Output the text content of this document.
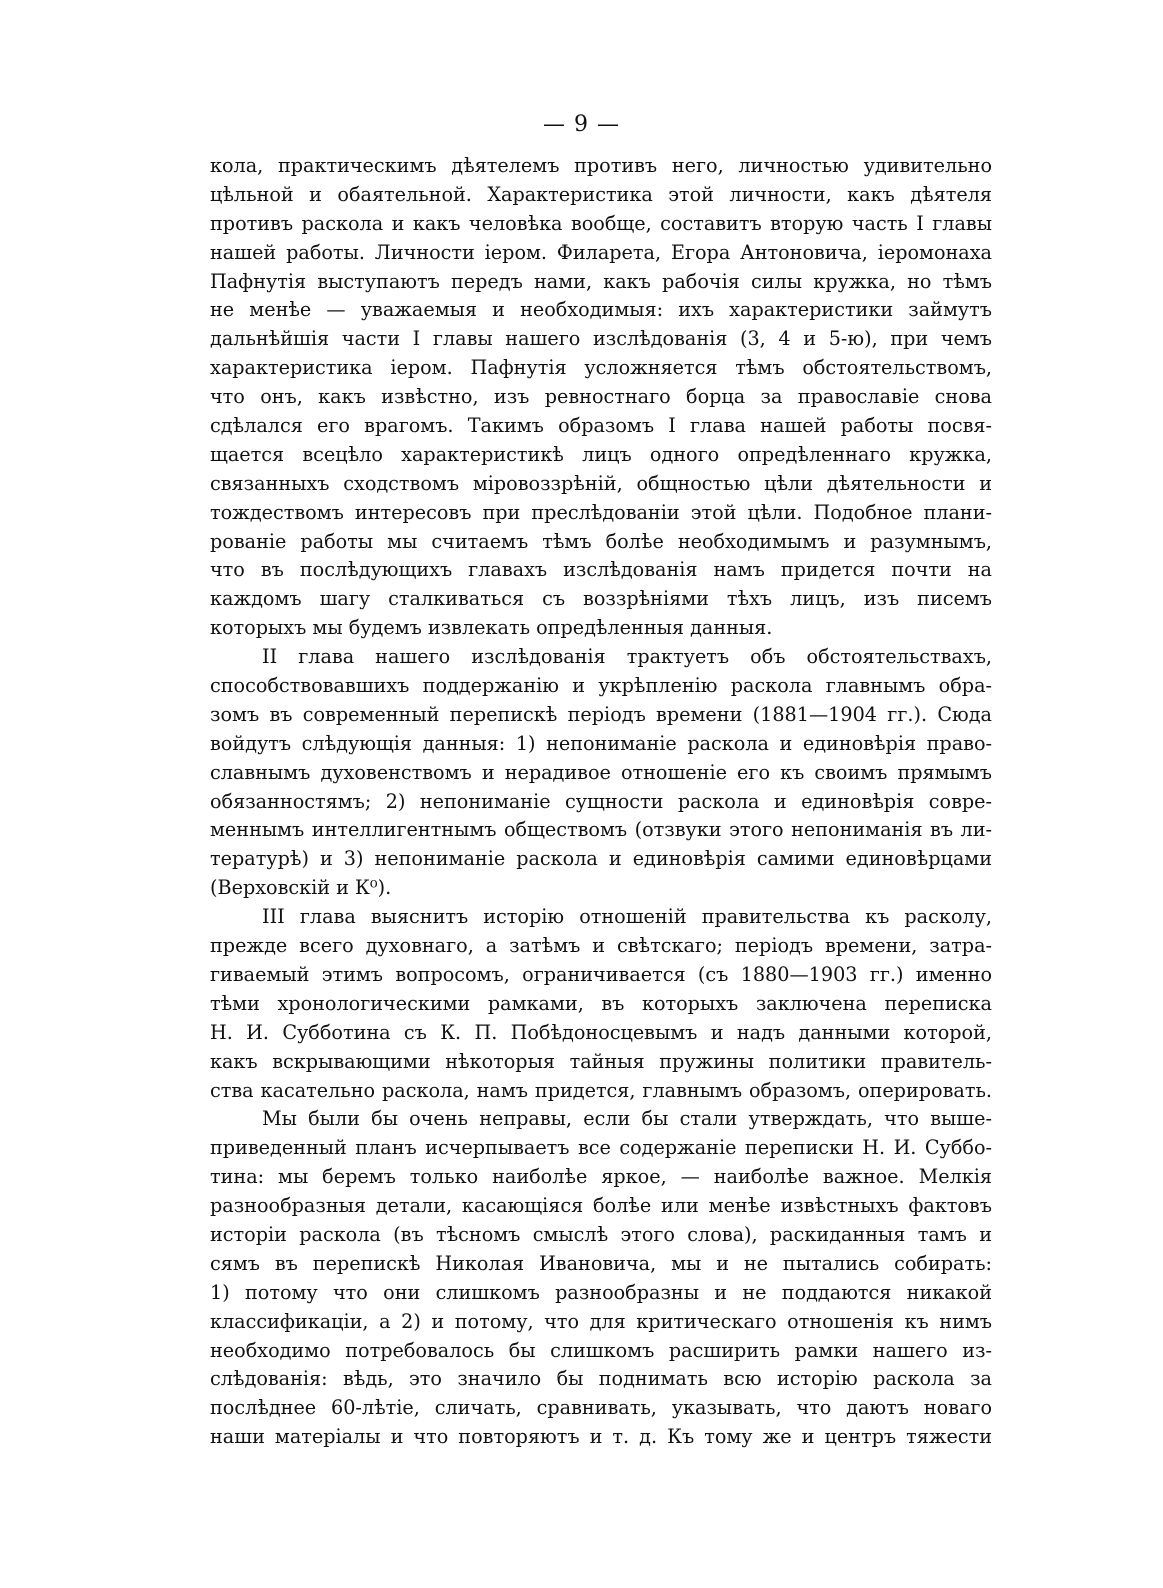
— 9 —
кола, практическимъ дѣятелемъ противъ него, личностью удивительно
цѣльной и обаятельной. Характеристика этой личности, какъ дѣятеля
противъ раскола и какъ человѣка вообще, составитъ вторую часть I главы
нашей работы. Личности iером. Филарета, Егора Антоновича, iеромонаха
Пафнутiя выступаютъ передъ нами, какъ рабочiя силы кружка, но тѣмъ
не менѣе — уважаемыя и необходимыя: ихъ характеристики займутъ
дальнѣйшiя части I главы нашего изслѣдованiя (3, 4 и 5-ю), при чемъ
характеристика iером. Пафнутiя усложняется тѣмъ обстоятельствомъ,
что онъ, какъ извѣстно, изъ ревностнаго борца за православiе снова
сдѣлался его врагомъ. Такимъ образомъ I глава нашей работы посвя-
щается всецѣло характеристикѣ лицъ одного опредѣленнаго кружка,
связанныхъ сходствомъ мiровоззрѣнiй, общностью цѣли дѣятельности и
тождествомъ интересовъ при преслѣдованiи этой цѣли. Подобное плани-
рованiе работы мы считаемъ тѣмъ болѣе необходимымъ и разумнымъ,
что въ послѣдующихъ главахъ изслѣдованiя намъ придется почти на
каждомъ шагу сталкиваться съ воззрѣнiями тѣхъ лицъ, изъ писемъ
которыхъ мы будемъ извлекать опредѣленныя данныя.
II глава нашего изслѣдованiя трактуетъ объ обстоятельствахъ,
способствовавшихъ поддержанiю и укрѣпленiю раскола главнымъ обра-
зомъ въ современный перепискѣ перiодъ времени (1881—1904 гг.). Сюда
войдутъ слѣдующiя данныя: 1) непониманiе раскола и единовѣрiя право-
славнымъ духовенствомъ и нерадивое отношенiе его къ своимъ прямымъ
обязанностямъ; 2) непониманiе сущности раскола и единовѣрiя совре-
меннымъ интеллигентнымъ обществомъ (отзвуки этого непониманiя въ ли-
тературѣ) и 3) непониманiе раскола и единовѣрiя самими единовѣрцами
(Верховскiй и К⁰).
III глава выяснитъ исторiю отношенiй правительства къ расколу,
прежде всего духовнаго, а затѣмъ и свѣтскаго; перiодъ времени, затра-
гиваемый этимъ вопросомъ, ограничивается (съ 1880—1903 гг.) именно
тѣми хронологическими рамками, въ которыхъ заключена переписка
Н. И. Субботина съ К. П. Побѣдоносцевымъ и надъ данными которой,
какъ вскрывающими нѣкоторыя тайныя пружины политики правитель-
ства касательно раскола, намъ придется, главнымъ образомъ, оперировать.
Мы были бы очень неправы, если бы стали утверждать, что выше-
приведенный планъ исчерпываетъ все содержанiе переписки Н. И. Суббо-
тина: мы беремъ только наиболѣе яркое, — наиболѣе важное. Мелкiя
разнообразныя детали, касающiяся болѣе или менѣе извѣстныхъ фактовъ
исторiи раскола (въ тѣсномъ смыслѣ этого слова), раскиданныя тамъ и
сямъ въ перепискѣ Николая Ивановича, мы и не пытались собирать:
1) потому что они слишкомъ разнообразны и не поддаются никакой
классификацiи, а 2) и потому, что для критическаго отношенiя къ нимъ
необходимо потребовалось бы слишкомъ расширить рамки нашего из-
слѣдованiя: вѣдь, это значило бы поднимать всю исторiю раскола за
послѣднее 60-лѣтiе, сличать, сравнивать, указывать, что даютъ новаго
наши матерiалы и что повторяютъ и т. д. Къ тому же и центръ тяжести
